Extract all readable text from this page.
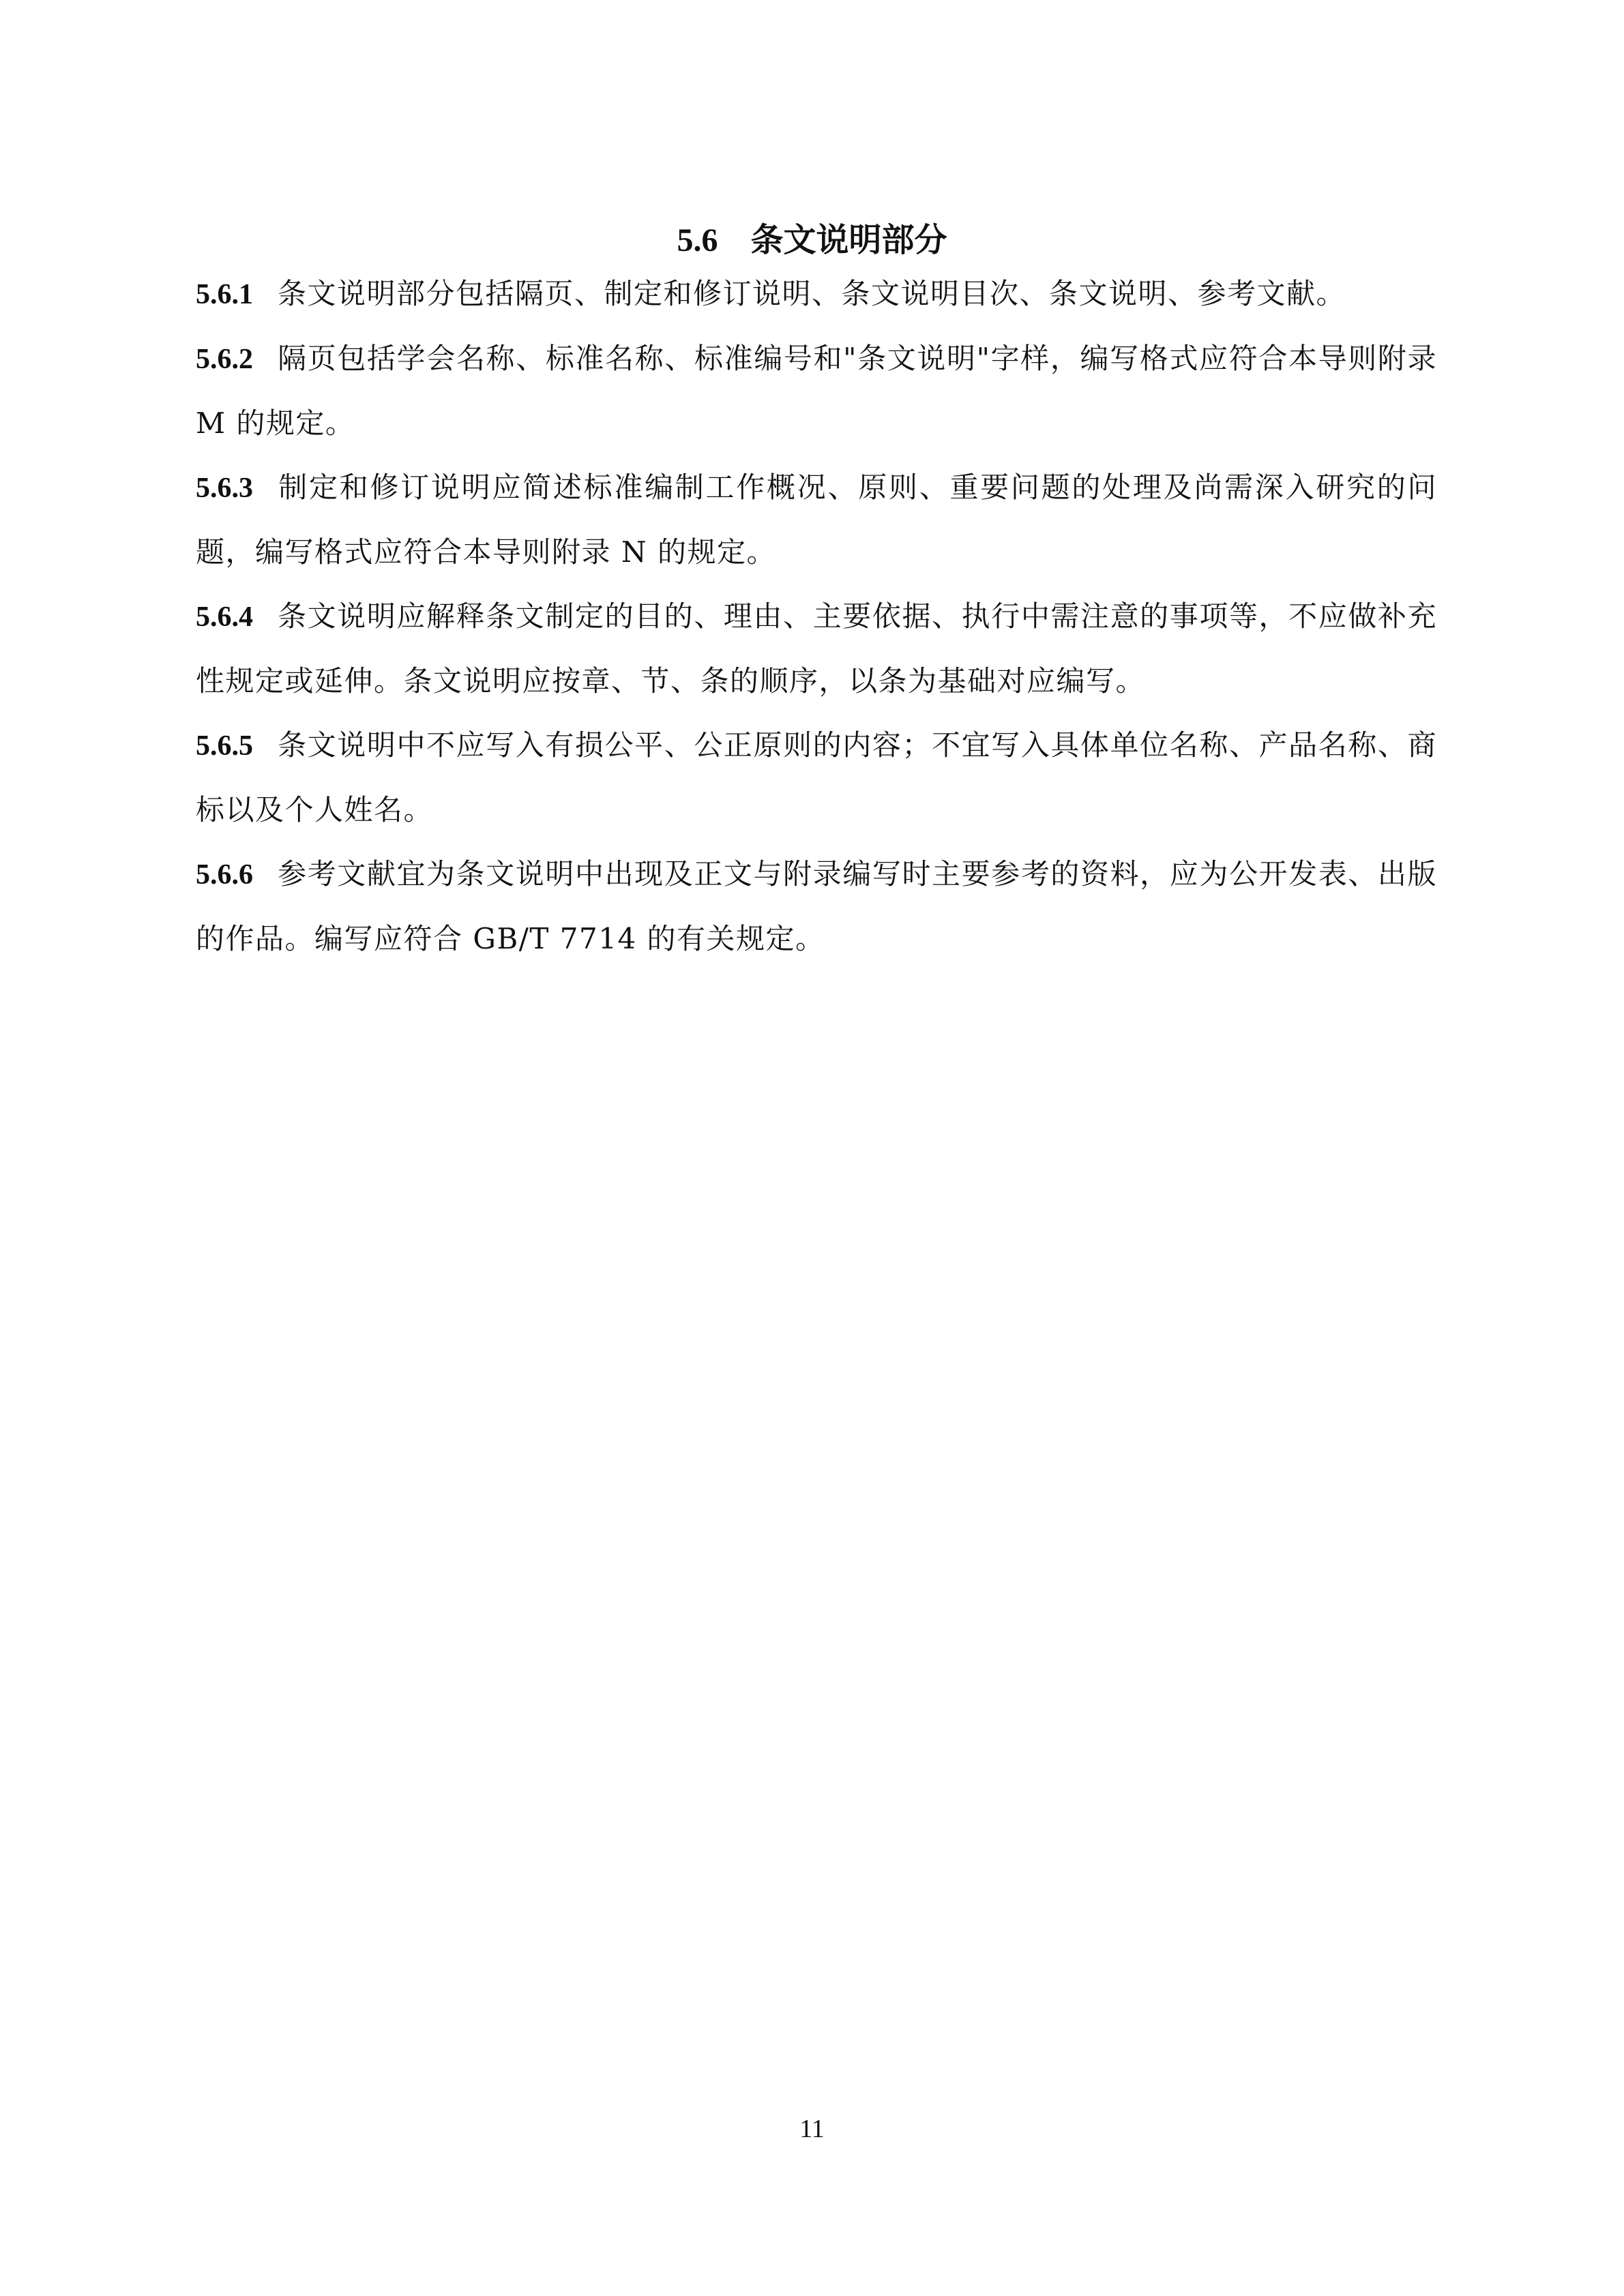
5.6 条文说明部分

5.6.1 条文说明部分包括隔页、制定和修订说明、条文说明目次、条文说明、参考文献。

5.6.2 隔页包括学会名称、标准名称、标准编号和"条文说明"字样，编写格式应符合本导则附录 M 的规定。

5.6.3 制定和修订说明应简述标准编制工作概况、原则、重要问题的处理及尚需深入研究的问题，编写格式应符合本导则附录 N 的规定。

5.6.4 条文说明应解释条文制定的目的、理由、主要依据、执行中需注意的事项等，不应做补充性规定或延伸。条文说明应按章、节、条的顺序，以条为基础对应编写。

5.6.5 条文说明中不应写入有损公平、公正原则的内容；不宜写入具体单位名称、产品名称、商标以及个人姓名。

5.6.6 参考文献宜为条文说明中出现及正文与附录编写时主要参考的资料，应为公开发表、出版的作品。编写应符合 GB/T 7714 的有关规定。

11
